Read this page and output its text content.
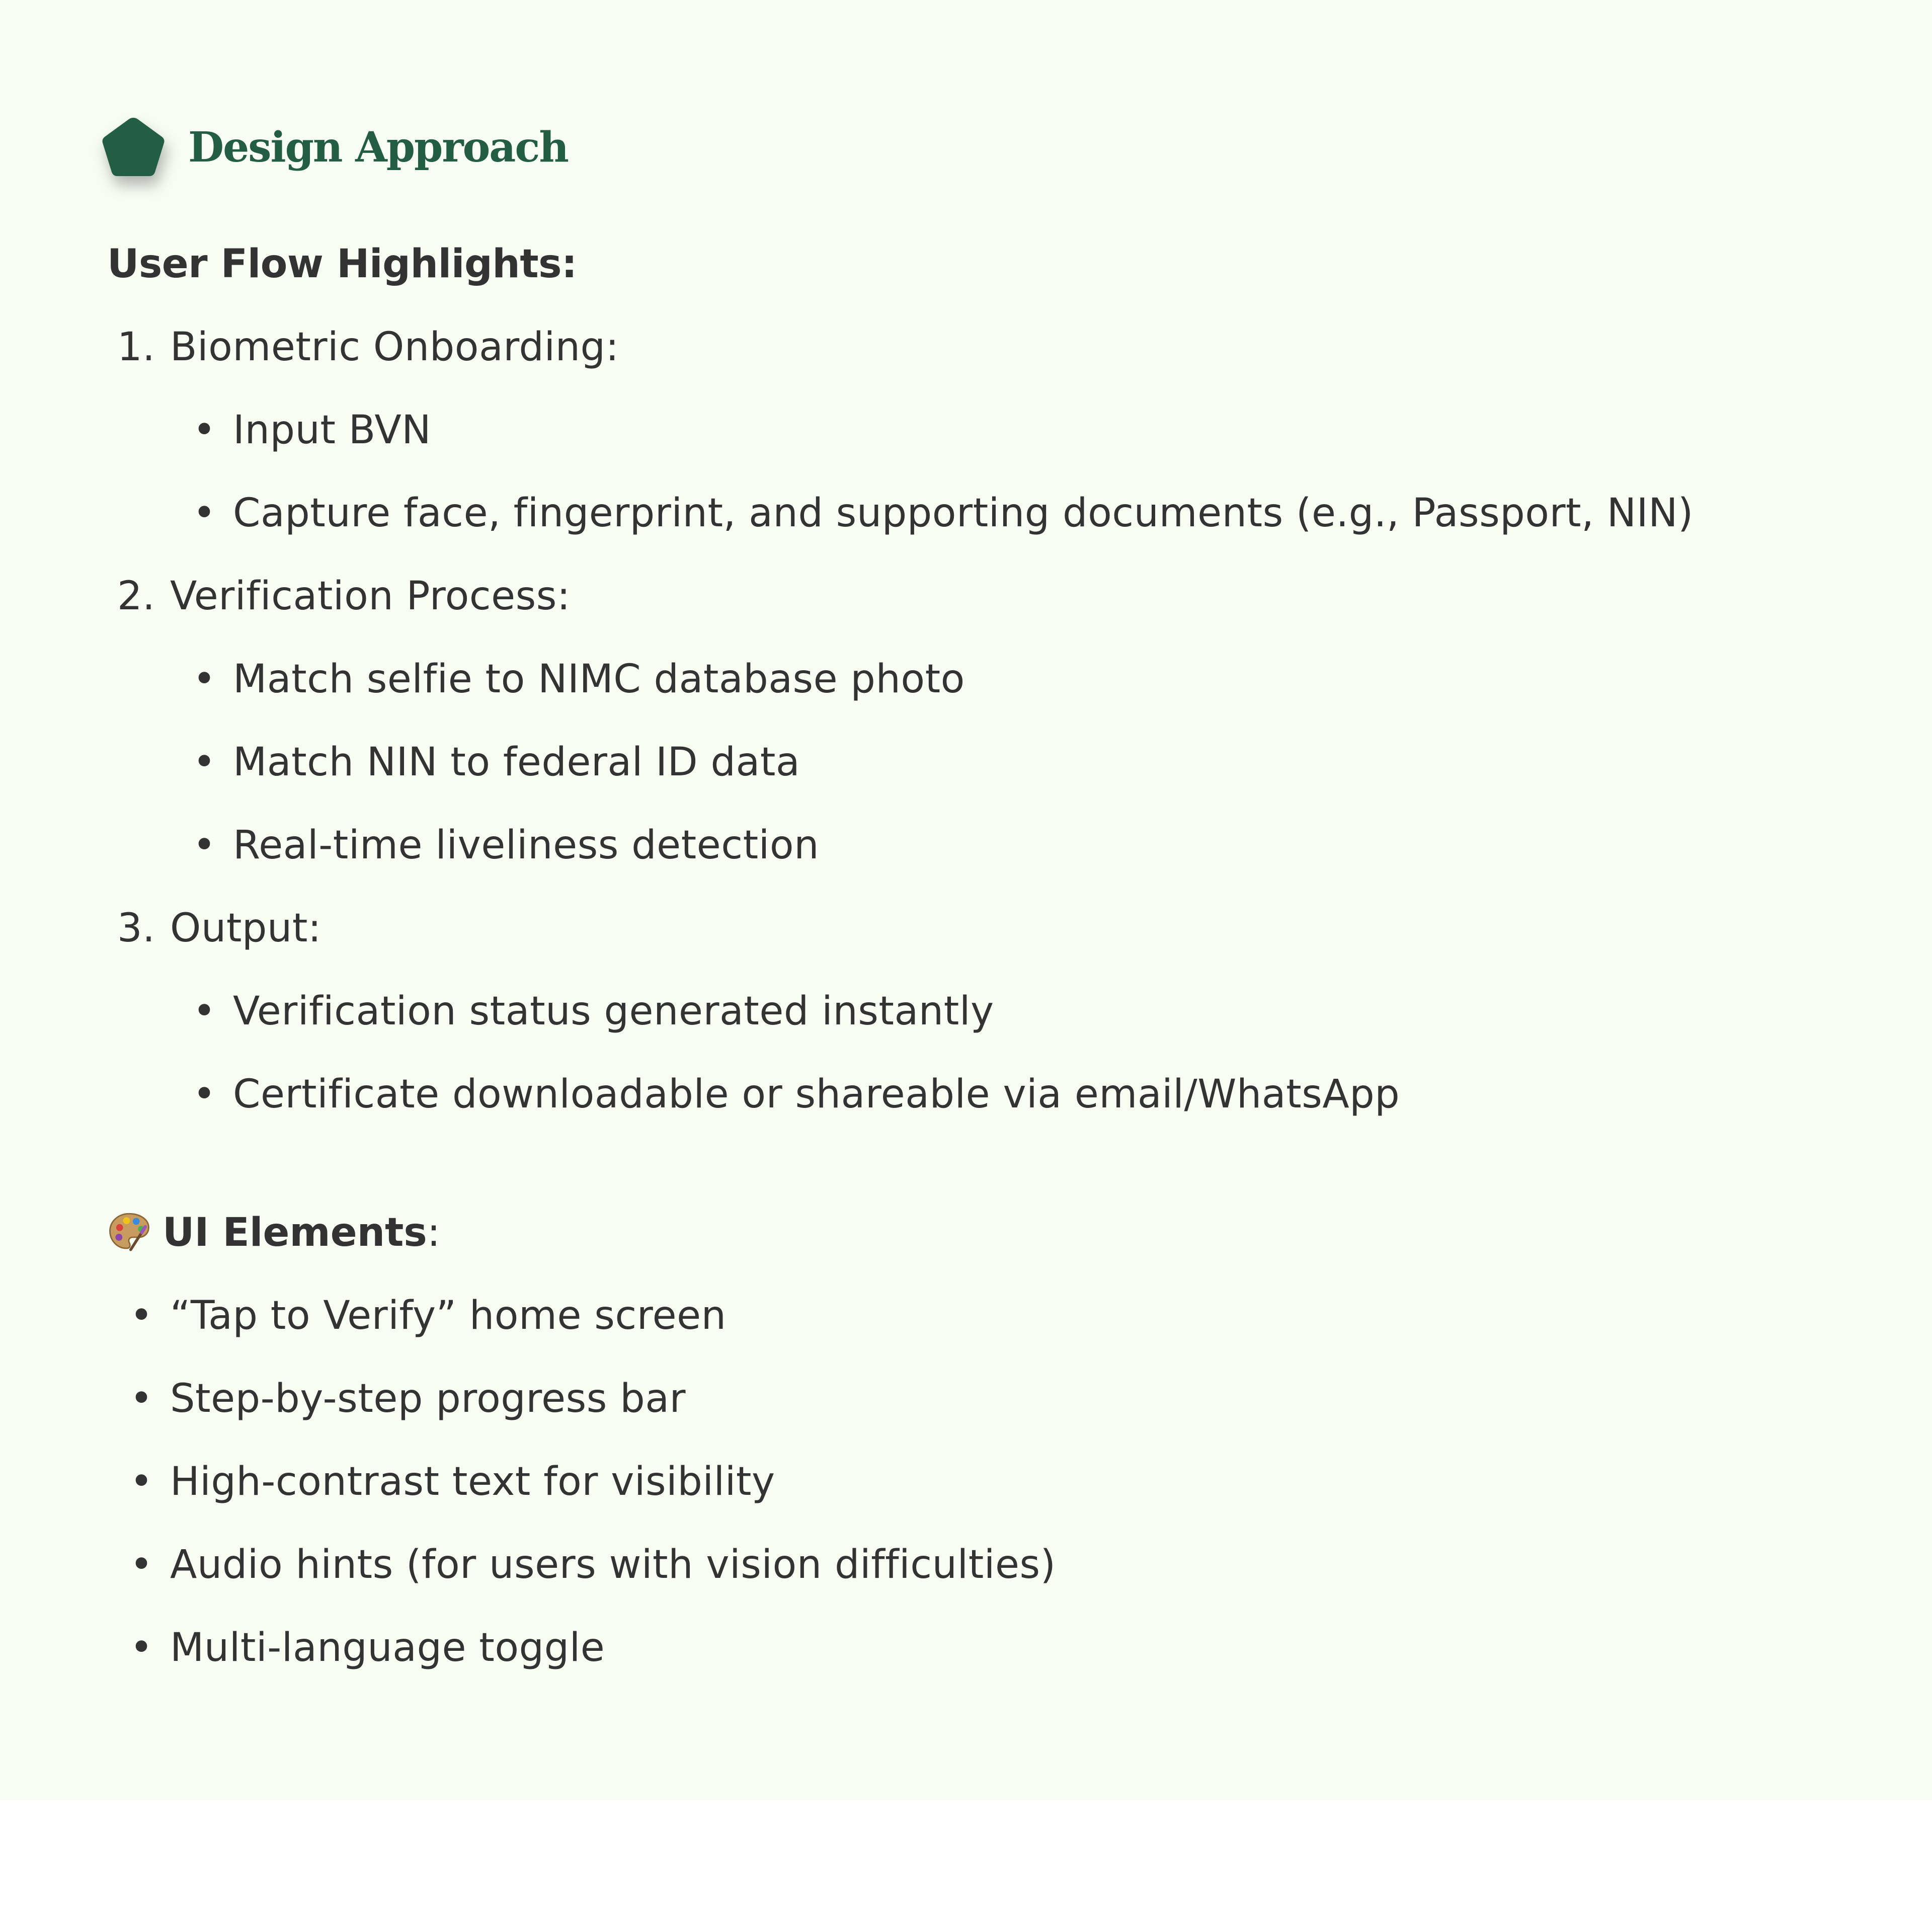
Design Approach
User Flow Highlights:
1. Biometric Onboarding:
• Input BVN
• Capture face, fingerprint, and supporting documents (e.g., Passport, NIN)
2. Verification Process:
• Match selfie to NIMC database photo
• Match NIN to federal ID data
• Real-time liveliness detection
3. Output:
• Verification status generated instantly
• Certificate downloadable or shareable via email/WhatsApp
UI Elements:
• “Tap to Verify” home screen
• Step-by-step progress bar
• High-contrast text for visibility
• Audio hints (for users with vision difficulties)
• Multi-language toggle
